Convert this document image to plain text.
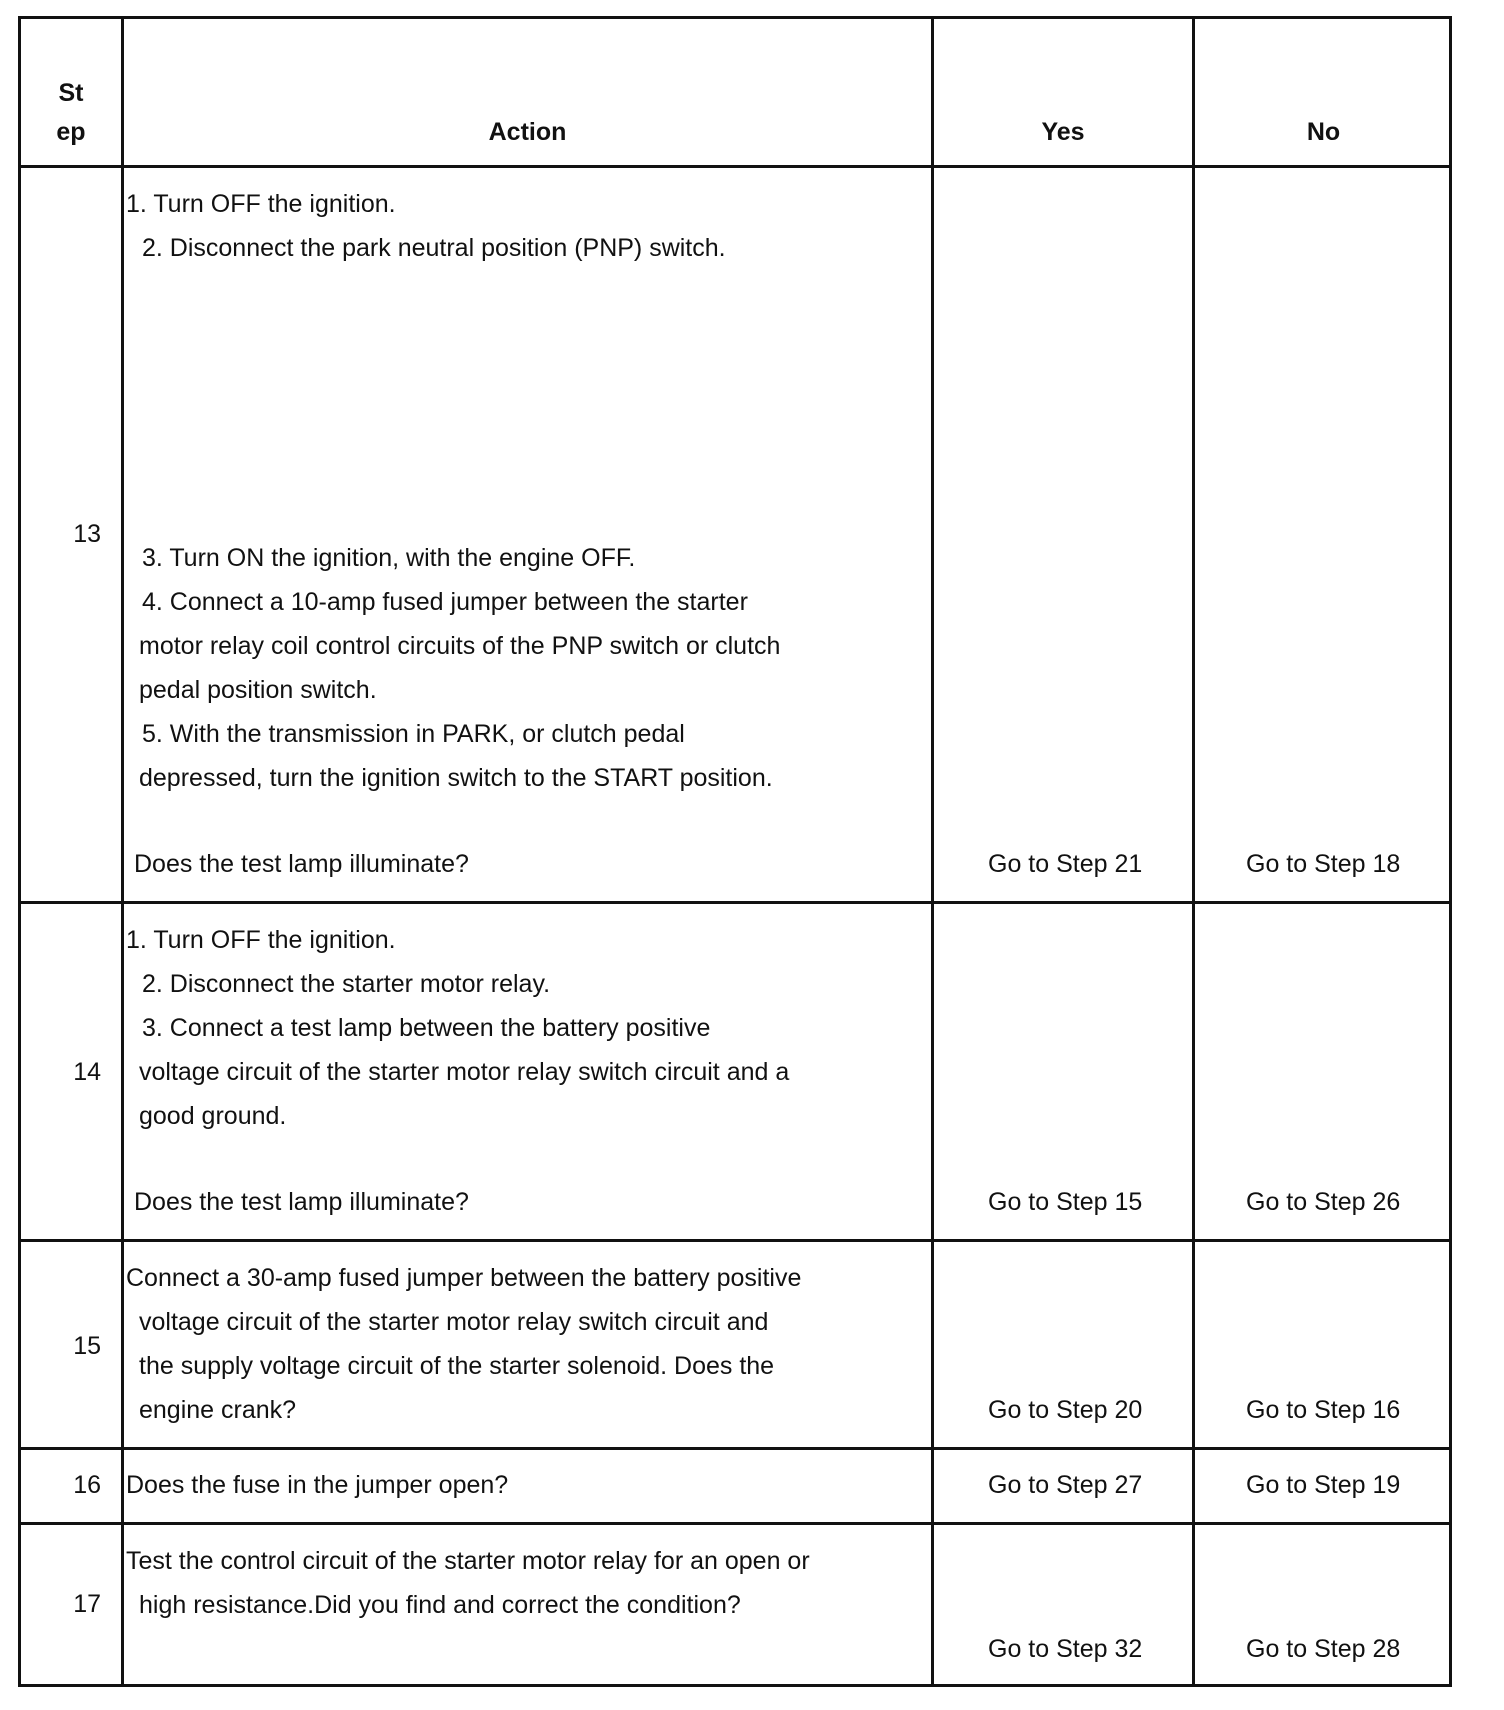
St
ep	Action	Yes	No
13
1. Turn OFF the ignition.
2. Disconnect the park neutral position (PNP) switch.
3. Turn ON the ignition, with the engine OFF.
4. Connect a 10-amp fused jumper between the starter
motor relay coil control circuits of the PNP switch or clutch
pedal position switch.
5. With the transmission in PARK, or clutch pedal
depressed, turn the ignition switch to the START position.
Does the test lamp illuminate?	Go to Step 21	Go to Step 18
14
1. Turn OFF the ignition.
2. Disconnect the starter motor relay.
3. Connect a test lamp between the battery positive
voltage circuit of the starter motor relay switch circuit and a
good ground.
Does the test lamp illuminate?	Go to Step 15	Go to Step 26
15
Connect a 30-amp fused jumper between the battery positive
voltage circuit of the starter motor relay switch circuit and
the supply voltage circuit of the starter solenoid. Does the
engine crank?	Go to Step 20	Go to Step 16
16 Does the fuse in the jumper open?	Go to Step 27	Go to Step 19
17
Test the control circuit of the starter motor relay for an open or
high resistance.Did you find and correct the condition?
Go to Step 32	Go to Step 28
